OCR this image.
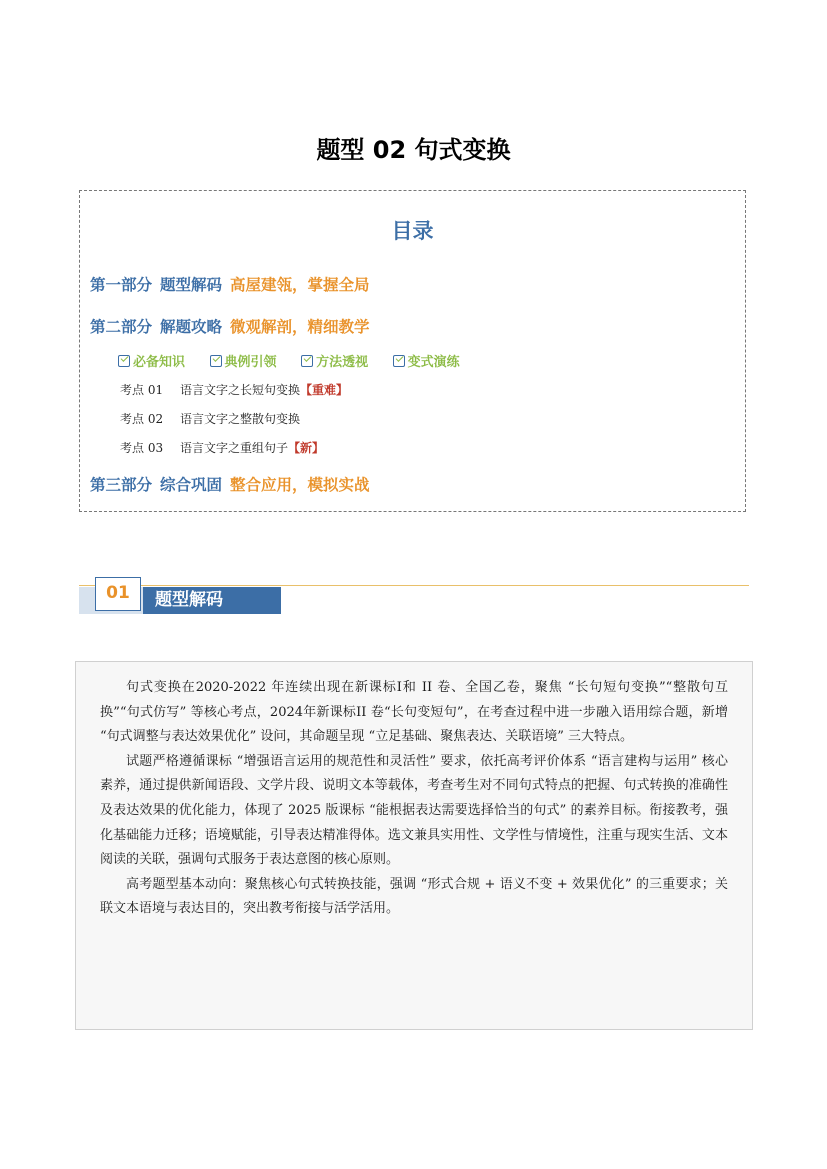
题型 02 句式变换
目录
第一部分 题型解码 高屋建瓴，掌握全局
第二部分 解题攻略 微观解剖，精细教学
必备知识
	典例引领
	方法透视
	变式演练
考点 01 语言文字之长短句变换【重难】
考点 02 语言文字之整散句变换
考点 03 语言文字之重组句子【新】
第三部分 综合巩固 整合应用，模拟实战
01	题型解码

句式变换在2020-2022 年连续出现在新课标Ⅰ和 II 卷、全国乙卷，聚焦 “长句短句变换”“整散句互换”“句式仿写” 等核心考点，2024年新课标II 卷“长句变短句”，在考查过程中进一步融入语用综合题，新增 “句式调整与表达效果优化” 设问，其命题呈现 “立足基础、聚焦表达、关联语境” 三大特点。

试题严格遵循课标 “增强语言运用的规范性和灵活性” 要求，依托高考评价体系 “语言建构与运用” 核心素养，通过提供新闻语段、文学片段、说明文本等载体，考查考生对不同句式特点的把握、句式转换的准确性及表达效果的优化能力，体现了 2025 版课标 “能根据表达需要选择恰当的句式” 的素养目标。衔接教考，强化基础能力迁移；语境赋能，引导表达精准得体。选文兼具实用性、文学性与情境性，注重与现实生活、文本阅读的关联，强调句式服务于表达意图的核心原则。

高考题型基本动向：聚焦核心句式转换技能，强调 “形式合规 + 语义不变 + 效果优化” 的三重要求；关联文本语境与表达目的，突出教考衔接与活学活用。
